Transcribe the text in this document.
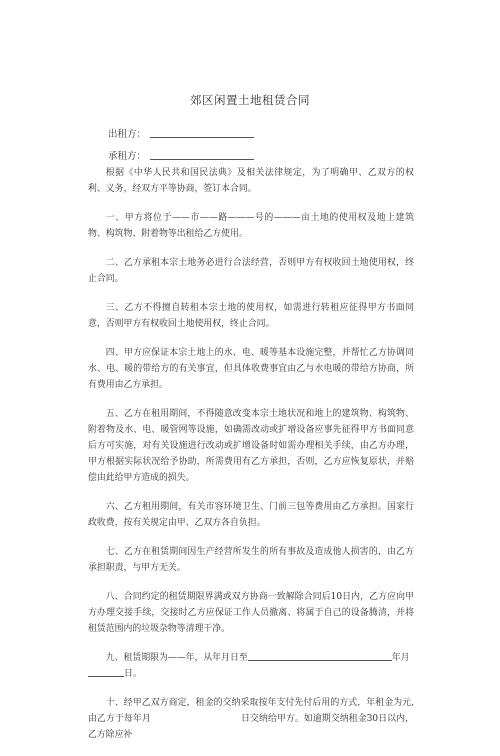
郊区闲置土地租赁合同
出租方：
承租方：

根据《中华人民共和国民法典》及相关法律规定，为了明确甲、乙双方的权利、义务，经双方平等协商，签订本合同。

一、甲方将位于——市——路———号的———亩土地的使用权及地上建筑物、构筑物、附着物等出租给乙方使用。

二、乙方承租本宗土地务必进行合法经营，否则甲方有权收回土地使用权，终止合同。

三、乙方不得擅自转租本宗土地的使用权，如需进行转租应征得甲方书面同意，否则甲方有权收回土地使用权，终止合同。

四、甲方应保证本宗土地上的水、电、暖等基本设施完整，并帮忙乙方协调同水、电、暖的带给方的有关事宜，但具体收费事宜由乙与水电暖的带给方协商，所有费用由乙方承担。

五、乙方在租用期间，不得随意改变本宗土地状况和地上的建筑物、构筑物、附着物及水、电、暖管网等设施，如确需改动或扩增设备应事先征得甲方书面同意后方可实施，对有关设施进行改动或扩增设备时如需办理相关手续，由乙方办理，甲方根据实际状况给予协助，所需费用有乙方承担，否则，乙方应恢复原状，并赔偿由此给甲方造成的损失。

六、乙方租用期间，有关市容环境卫生、门前三包等费用由乙方承担。国家行政收费，按有关规定由甲、乙双方各自负担。

七、乙方在租赁期间因生产经营所发生的所有事故及造成他人损害的，由乙方承担职责，与甲方无关。

八、合同约定的租赁期限界满或双方协商一致解除合同后10日内，乙方应向甲方办理交接手续，交接时乙方应保证工作人员撤离、将属于自己的设备腾清，并将租赁范围内的垃圾杂物等清理干净。

九、租赁期限为——年，从年月日至	年月
日。

十、经甲乙双方商定，租金的交纳采取按年支付先付后用的方式，年租金为元, 由乙方于每年月	日交纳给甲方。如逾期交纳租金30日以内，乙方除应补
